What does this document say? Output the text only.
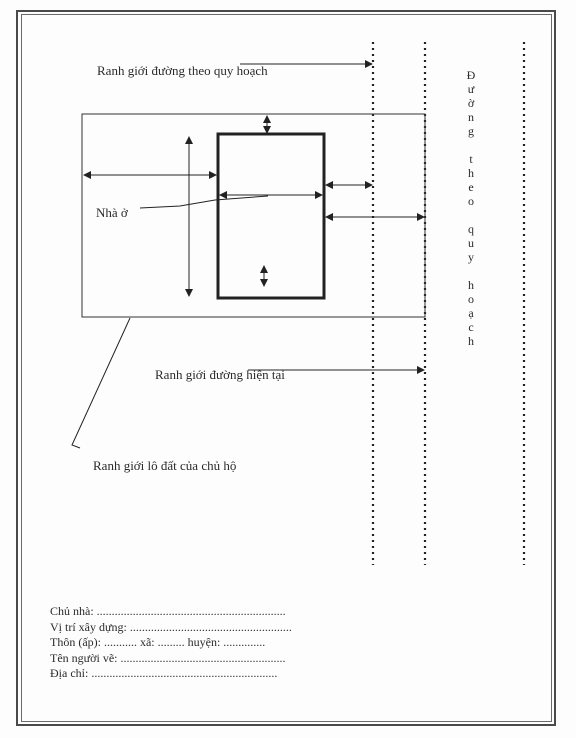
Ranh giới đường theo quy hoạch
Nhà ở
Ranh giới đường hiện tại
Ranh giới lô đất của chủ hộ
Đ
ư
ờ
n
g
t
h
e
o
q
u
y
h
o
ạ
c
h
Chủ nhà: ...............................................................
Vị trí xây dựng: ......................................................
Thôn (ấp): ........... xã: ......... huyện: ..............
Tên người vẽ: .......................................................
Địa chỉ: ..............................................................
